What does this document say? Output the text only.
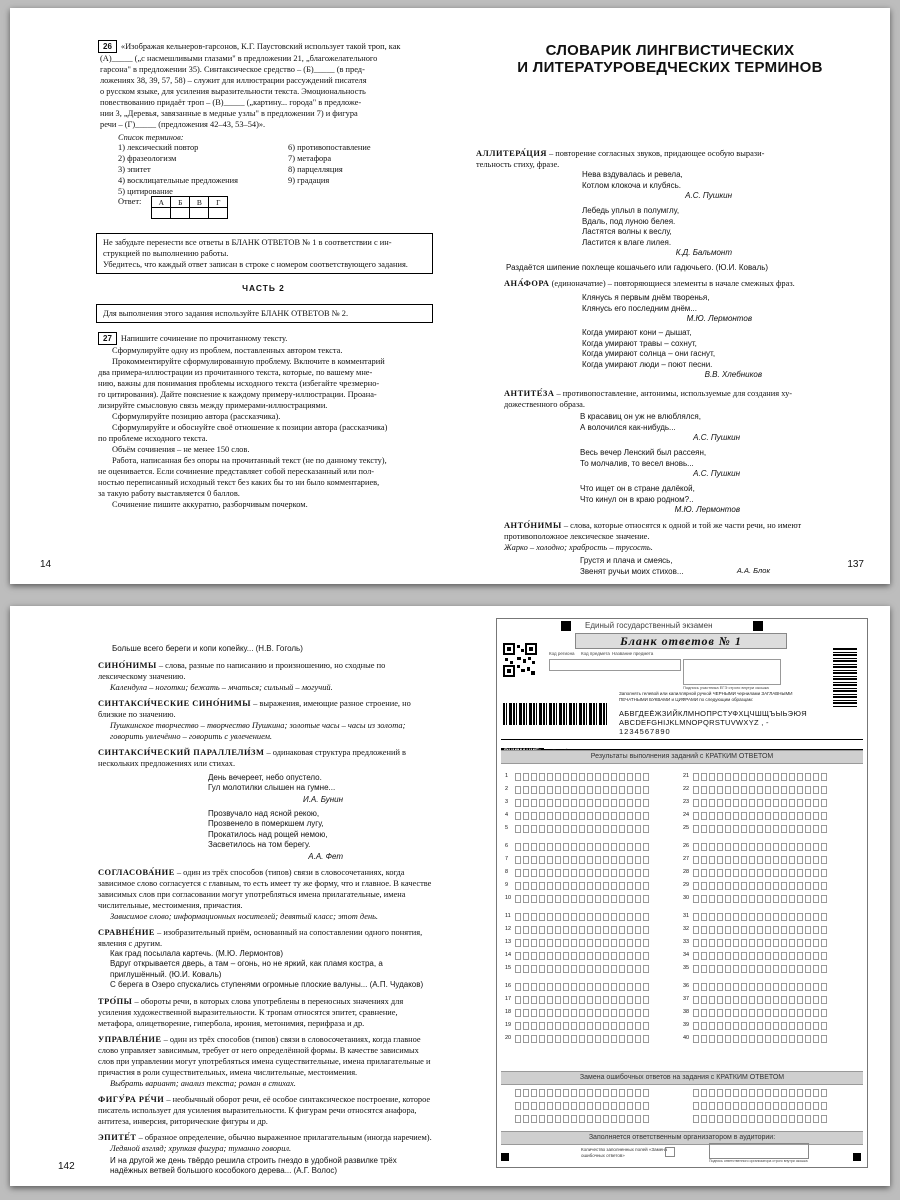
26 «Изображая кельнеров-гарсонов, К.Г. Паустовский использует такой троп, как
(А)_____ („с насмешливыми глазами" в предложении 21, „благожелательного
гарсона" в предложении 35). Синтаксическое средство – (Б)_____ (в пред-
ложениях 38, 39, 57, 58) – служит для иллюстрации рассуждений писателя
о русском языке, для усиления выразительности текста. Эмоциональность
повествованию придаёт троп – (В)_____ („картину... города" в предложе-
нии 3, „Деревья, завязанные в медные узлы" в предложении 7) и фигура
речи – (Г)_____ (предложения 42–43, 53–54)».
Список терминов:
1) лексический повтор
2) фразеологизм
3) эпитет
4) восклицательные предложения
5) цитирование
6) противопоставление
7) метафора
8) парцелляция
9) градация
$^{Ответ:}$ А	Б	В	Г

Не забудьте перенести все ответы в БЛАНК ОТВЕТОВ № 1 в соответствии с ин-
струкцией по выполнению работы.
Убедитесь, что каждый ответ записан в строке с номером соответствующего задания.
ЧАСТЬ 2
Для выполнения этого задания используйте БЛАНК ОТВЕТОВ № 2.
27 Напишите сочинение по прочитанному тексту.
Сформулируйте одну из проблем, поставленных автором текста.
Прокомментируйте сформулированную проблему. Включите в комментарий
два примера-иллюстрации из прочитанного текста, которые, по вашему мне-
нию, важны для понимания проблемы исходного текста (избегайте чрезмерно-
го цитирования). Дайте пояснение к каждому примеру-иллюстрации. Проана-
лизируйте смысловую связь между примерами-иллюстрациями.
Сформулируйте позицию автора (рассказчика).
Сформулируйте и обоснуйте своё отношение к позиции автора (рассказчика)
по проблеме исходного текста.
Объём сочинения – не менее 150 слов.
Работа, написанная без опоры на прочитанный текст (не по данному тексту),
не оценивается. Если сочинение представляет собой пересказанный или пол-
ностью переписанный исходный текст без каких бы то ни было комментариев,
за такую работу выставляется 0 баллов.
Сочинение пишите аккуратно, разборчивым почерком.
14
СЛОВАРИК ЛИНГВИСТИЧЕСКИХ
И ЛИТЕРАТУРОВЕДЧЕСКИХ ТЕРМИНОВ
АЛЛИТЕРА́ЦИЯ – повторение согласных звуков, придающее особую вырази-
тельность стиху, фразе.
Нева вздувалась и ревела,
Котлом клокоча и клубясь.
А.С. Пушкин
Лебедь уплыл в полумглу,
Вдаль, под луною белея.
Ластятся волны к веслу,
Ластится к влаге лилея.
К.Д. Бальмонт
Раздаётся шипение похлеще кошачьего или гадючьего. (Ю.И. Коваль)
АНА́ФОРА (единоначатие) – повторяющиеся элементы в начале смежных фраз.
Клянусь я первым днём творенья,
Клянусь его последним днём...
М.Ю. Лермонтов
Когда умирают кони – дышат,
Когда умирают травы – сохнут,
Когда умирают солнца – они гаснут,
Когда умирают люди – поют песни.
В.В. Хлебников
АНТИТЕ́ЗА – противопоставление, антонимы, используемые для создания ху-
дожественного образа.
В красавиц он уж не влюблялся,
А волочился как-нибудь...
А.С. Пушкин
Весь вечер Ленский был рассеян,
То молчалив, то весел вновь...
А.С. Пушкин
Что ищет он в стране далёкой,
Что кинул он в краю родном?..
М.Ю. Лермонтов
АНТО́НИМЫ – слова, которые относятся к одной и той же части речи, но имеют
противоположное лексическое значение.
Жарко – холодно; храбрость – трусость.
Грустя и плача и смеясь,
Звенят ручьи моих стихов...	А.А. Блок
137
Больше всего береги и копи копейку... (Н.В. Гоголь)
СИНО́НИМЫ – слова, разные по написанию и произношению, но сходные по лексическому значению.
Календула – ноготки; бежать – мчаться; сильный – могучий.
СИНТАКСИ́ЧЕСКИЕ СИНО́НИМЫ – выражения, имеющие разное строение, но близкие по значению.
Пушкинское творчество – творчество Пушкина; золотые часы – часы из золота; говорить увлечённо – говорить с увлечением.
СИНТАКСИ́ЧЕСКИЙ ПАРАЛЛЕЛИ́ЗМ – одинаковая структура предложений в нескольких предложениях или стихах.
День вечереет, небо опустело.
Гул молотилки слышен на гумне...
И.А. Бунин
Прозвучало над ясной рекою,
Прозвенело в померкшем лугу,
Прокатилось над рощей немою,
Засветилось на том берегу.
А.А. Фет
СОГЛАСОВА́НИЕ – один из трёх способов (типов) связи в словосочетаниях, когда зависимое слово согласуется с главным, то есть имеет ту же форму, что и главное. В качестве зависимых слов при согласовании могут употребляться имена прилагательные, имена числительные, местоимения, причастия.
Зависимое слово; информационных носителей; девятый класс; этот день.
СРАВНЕ́НИЕ – изобразительный приём, основанный на сопоставлении одного понятия, явления с другим.
Как град посылала картечь. (М.Ю. Лермонтов)
Вдруг открывается дверь, а там – огонь, но не яркий, как пламя костра, а приглушённый. (Ю.И. Коваль)
С берега в Озеро спускались ступенями огромные плоские валуны... (А.П. Чудаков)
ТРО́ПЫ – обороты речи, в которых слова употреблены в переносных значениях для усиления художественной выразительности. К тропам относятся эпитет, сравнение, метафора, олицетворение, гипербола, ирония, метонимия, перифраза и др.
УПРАВЛЕ́НИЕ – один из трёх способов (типов) связи в словосочетаниях, когда главное слово управляет зависимым, требует от него определённой формы. В качестве зависимых слов при управлении могут употребляться имена существительные, имена прилагательные и причастия в роли существительных, имена числительные, местоимения.
Выбрать вариант; анализ текста; роман в стихах.
ФИГУ́РА РЕ́ЧИ – необычный оборот речи, её особое синтаксическое построение, которое писатель использует для усиления выразительности. К фигурам речи относятся анафора, антитеза, инверсия, риторические фигуры и др.
ЭПИТЕ́Т – образное определение, обычно выраженное прилагательным (иногда наречием).
Ледяной взгляд; хрупкая фигура; туманно говорил.
И на другой же день твёрдо решила строить гнездо в удобной развилке трёх надёжных ветвей большого кособокого дерева... (А.Г. Волос)
142
Единый государственный экзамен
Бланк ответов № 1
Код региона Код предмета Название предмета
Подпись участника ЕГЭ строго внутри окошка
Заполнять гелевой или капиллярной ручкой ЧЕРНЫМИ чернилами ЗАГЛАВНЫМИ ПЕЧАТНЫМИ БУКВАМИ и ЦИФРАМИ по следующим образцам:
АБВГДЕЁЖЗИЙКЛМНОПРСТУФХЦЧШЩЪЫЬЭЮЯ
ABCDEFGHIJKLMNOPQRSTUVWXYZ , -
1234567890
Результаты выполнения заданий с КРАТКИМ ОТВЕТОМ
1
2
3
4
5
6
7
8
9
10
11
12
13
14
15
16
17
18
19
20
21
22
23
24
25
26
27
28
29
30
31
32
33
34
35
36
37
38
39
40
Замена ошибочных ответов на задания с КРАТКИМ ОТВЕТОМ
Заполняется ответственным организатором в аудитории:
Количество заполненных полей «Замена ошибочных ответов»
Подпись ответственного организатора строго внутри окошка
